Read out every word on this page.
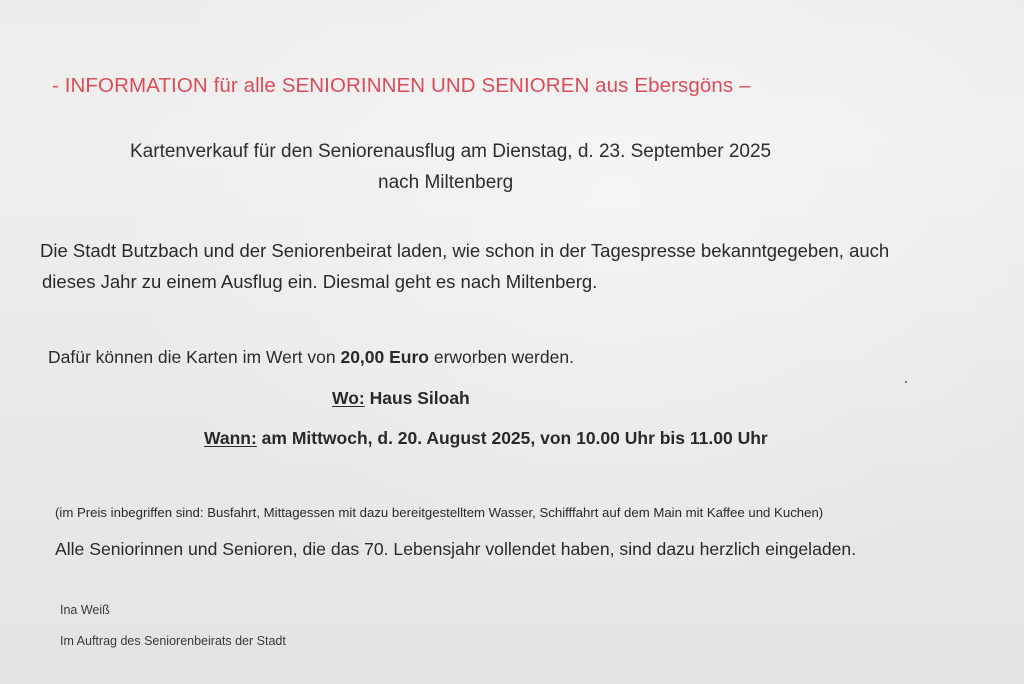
- INFORMATION für alle SENIORINNEN UND SENIOREN aus Ebersgöns –

Kartenverkauf für den Seniorenausflug am Dienstag, d. 23. September 2025

nach Miltenberg

Die Stadt Butzbach und der Seniorenbeirat laden, wie schon in der Tagespresse bekanntgegeben, auch

dieses Jahr zu einem Ausflug ein. Diesmal geht es nach Miltenberg.

Dafür können die Karten im Wert von 20,00 Euro erworben werden.

Wo: Haus Siloah

Wann: am Mittwoch, d. 20. August 2025, von 10.00 Uhr bis 11.00 Uhr

(im Preis inbegriffen sind: Busfahrt, Mittagessen mit dazu bereitgestelltem Wasser, Schifffahrt auf dem Main mit Kaffee und Kuchen)

Alle Seniorinnen und Senioren, die das 70. Lebensjahr vollendet haben, sind dazu herzlich eingeladen.

Ina Weiß

Im Auftrag des Seniorenbeirats der Stadt
